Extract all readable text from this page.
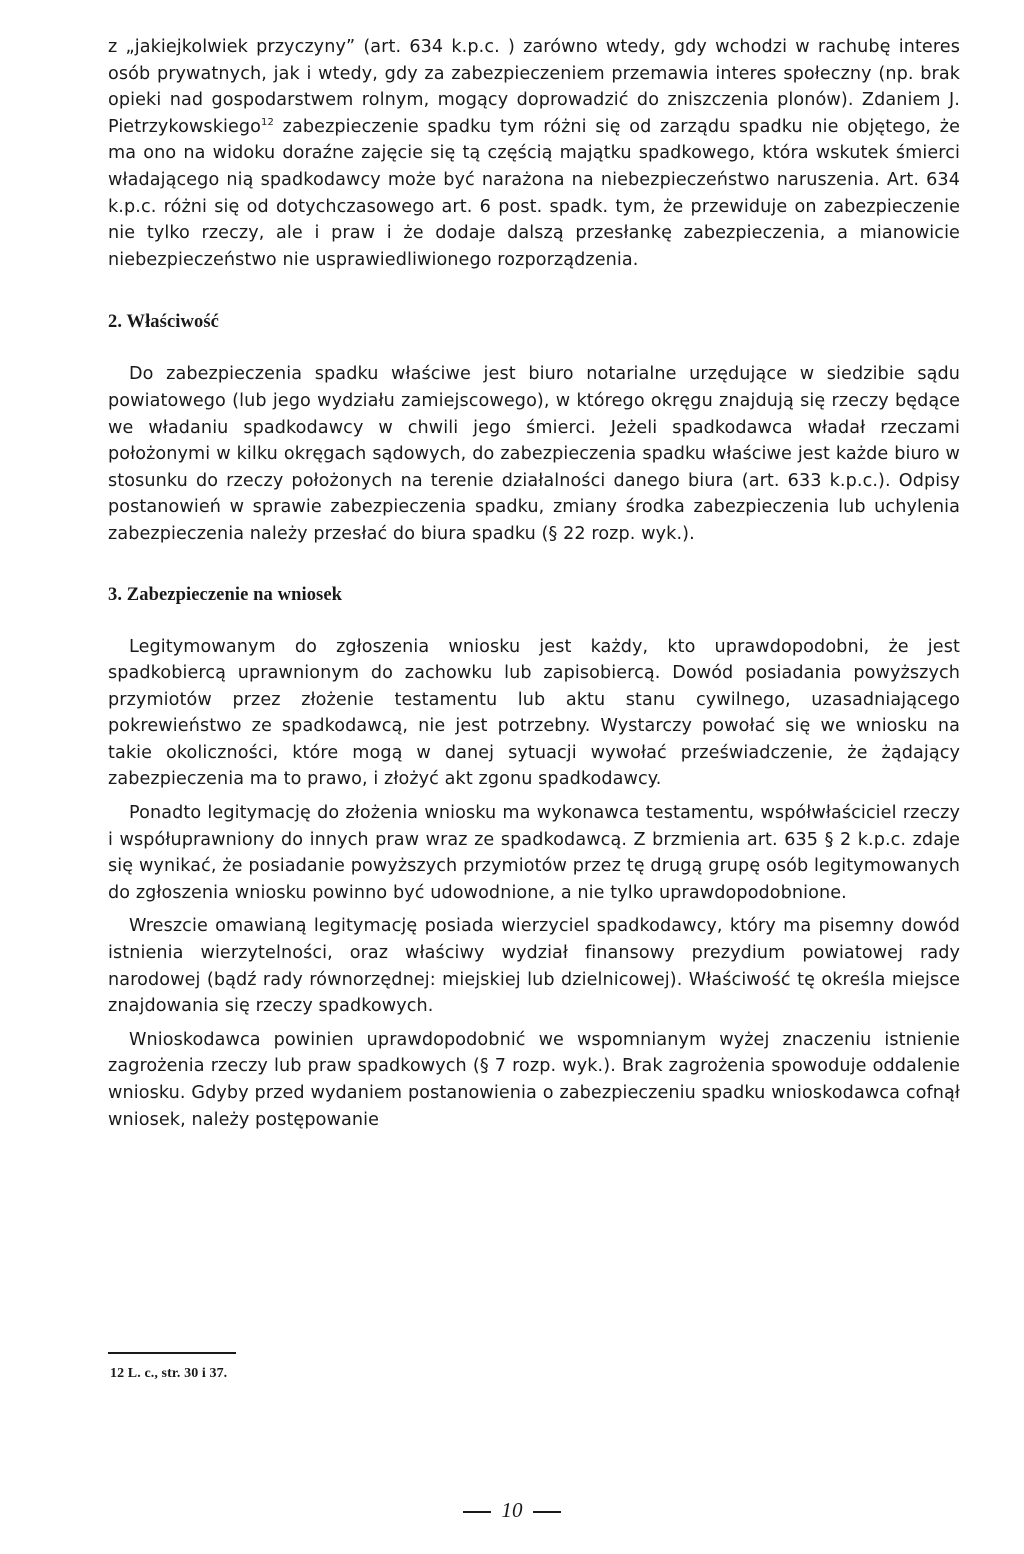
z „jakiejkolwiek przyczyny” (art. 634 k.p.c. ) zarówno wtedy, gdy wchodzi w rachubę interes osób prywatnych, jak i wtedy, gdy za zabezpieczeniem przemawia interes społeczny (np. brak opieki nad gospodarstwem rolnym, mogący doprowadzić do zniszczenia plonów). Zdaniem J. Pietrzykowskiego$^{12}$ zabezpieczenie spadku tym różni się od zarządu spadku nie objętego, że ma ono na widoku doraźne zajęcie się tą częścią majątku spadkowego, która wskutek śmierci władającego nią spadkodawcy może być narażona na niebezpieczeństwo naruszenia. Art. 634 k.p.c. różni się od dotychczasowego art. 6 post. spadk. tym, że przewiduje on zabezpieczenie nie tylko rzeczy, ale i praw i że dodaje dalszą przesłankę zabezpieczenia, a mianowicie niebezpieczeństwo nie usprawiedliwionego rozporządzenia.

2. Właściwość

Do zabezpieczenia spadku właściwe jest biuro notarialne urzędujące w siedzibie sądu powiatowego (lub jego wydziału zamiejscowego), w którego okręgu znajdują się rzeczy będące we władaniu spadkodawcy w chwili jego śmierci. Jeżeli spadkodawca władał rzeczami położonymi w kilku okręgach sądowych, do zabezpieczenia spadku właściwe jest każde biuro w stosunku do rzeczy położonych na terenie działalności danego biura (art. 633 k.p.c.). Odpisy postanowień w sprawie zabezpieczenia spadku, zmiany środka zabezpieczenia lub uchylenia zabezpieczenia należy przesłać do biura spadku (§ 22 rozp. wyk.).

3. Zabezpieczenie na wniosek

Legitymowanym do zgłoszenia wniosku jest każdy, kto uprawdopodobni, że jest spadkobiercą uprawnionym do zachowku lub zapisobiercą. Dowód posiadania powyższych przymiotów przez złożenie testamentu lub aktu stanu cywilnego, uzasadniającego pokrewieństwo ze spadkodawcą, nie jest potrzebny. Wystarczy powołać się we wniosku na takie okoliczności, które mogą w danej sytuacji wywołać przeświadczenie, że żądający zabezpieczenia ma to prawo, i złożyć akt zgonu spadkodawcy.

Ponadto legitymację do złożenia wniosku ma wykonawca testamentu, współwłaściciel rzeczy i współuprawniony do innych praw wraz ze spadkodawcą. Z brzmienia art. 635 § 2 k.p.c. zdaje się wynikać, że posiadanie powyższych przymiotów przez tę drugą grupę osób legitymowanych do zgłoszenia wniosku powinno być udowodnione, a nie tylko uprawdopodobnione.

Wreszcie omawianą legitymację posiada wierzyciel spadkodawcy, który ma pisemny dowód istnienia wierzytelności, oraz właściwy wydział finansowy prezydium powiatowej rady narodowej (bądź rady równorzędnej: miejskiej lub dzielnicowej). Właściwość tę określa miejsce znajdowania się rzeczy spadkowych.

Wnioskodawca powinien uprawdopodobnić we wspomnianym wyżej znaczeniu istnienie zagrożenia rzeczy lub praw spadkowych (§ 7 rozp. wyk.). Brak zagrożenia spowoduje oddalenie wniosku. Gdyby przed wydaniem postanowienia o zabezpieczeniu spadku wnioskodawca cofnął wniosek, należy postępowanie

12 L. c., str. 30 i 37.
10
